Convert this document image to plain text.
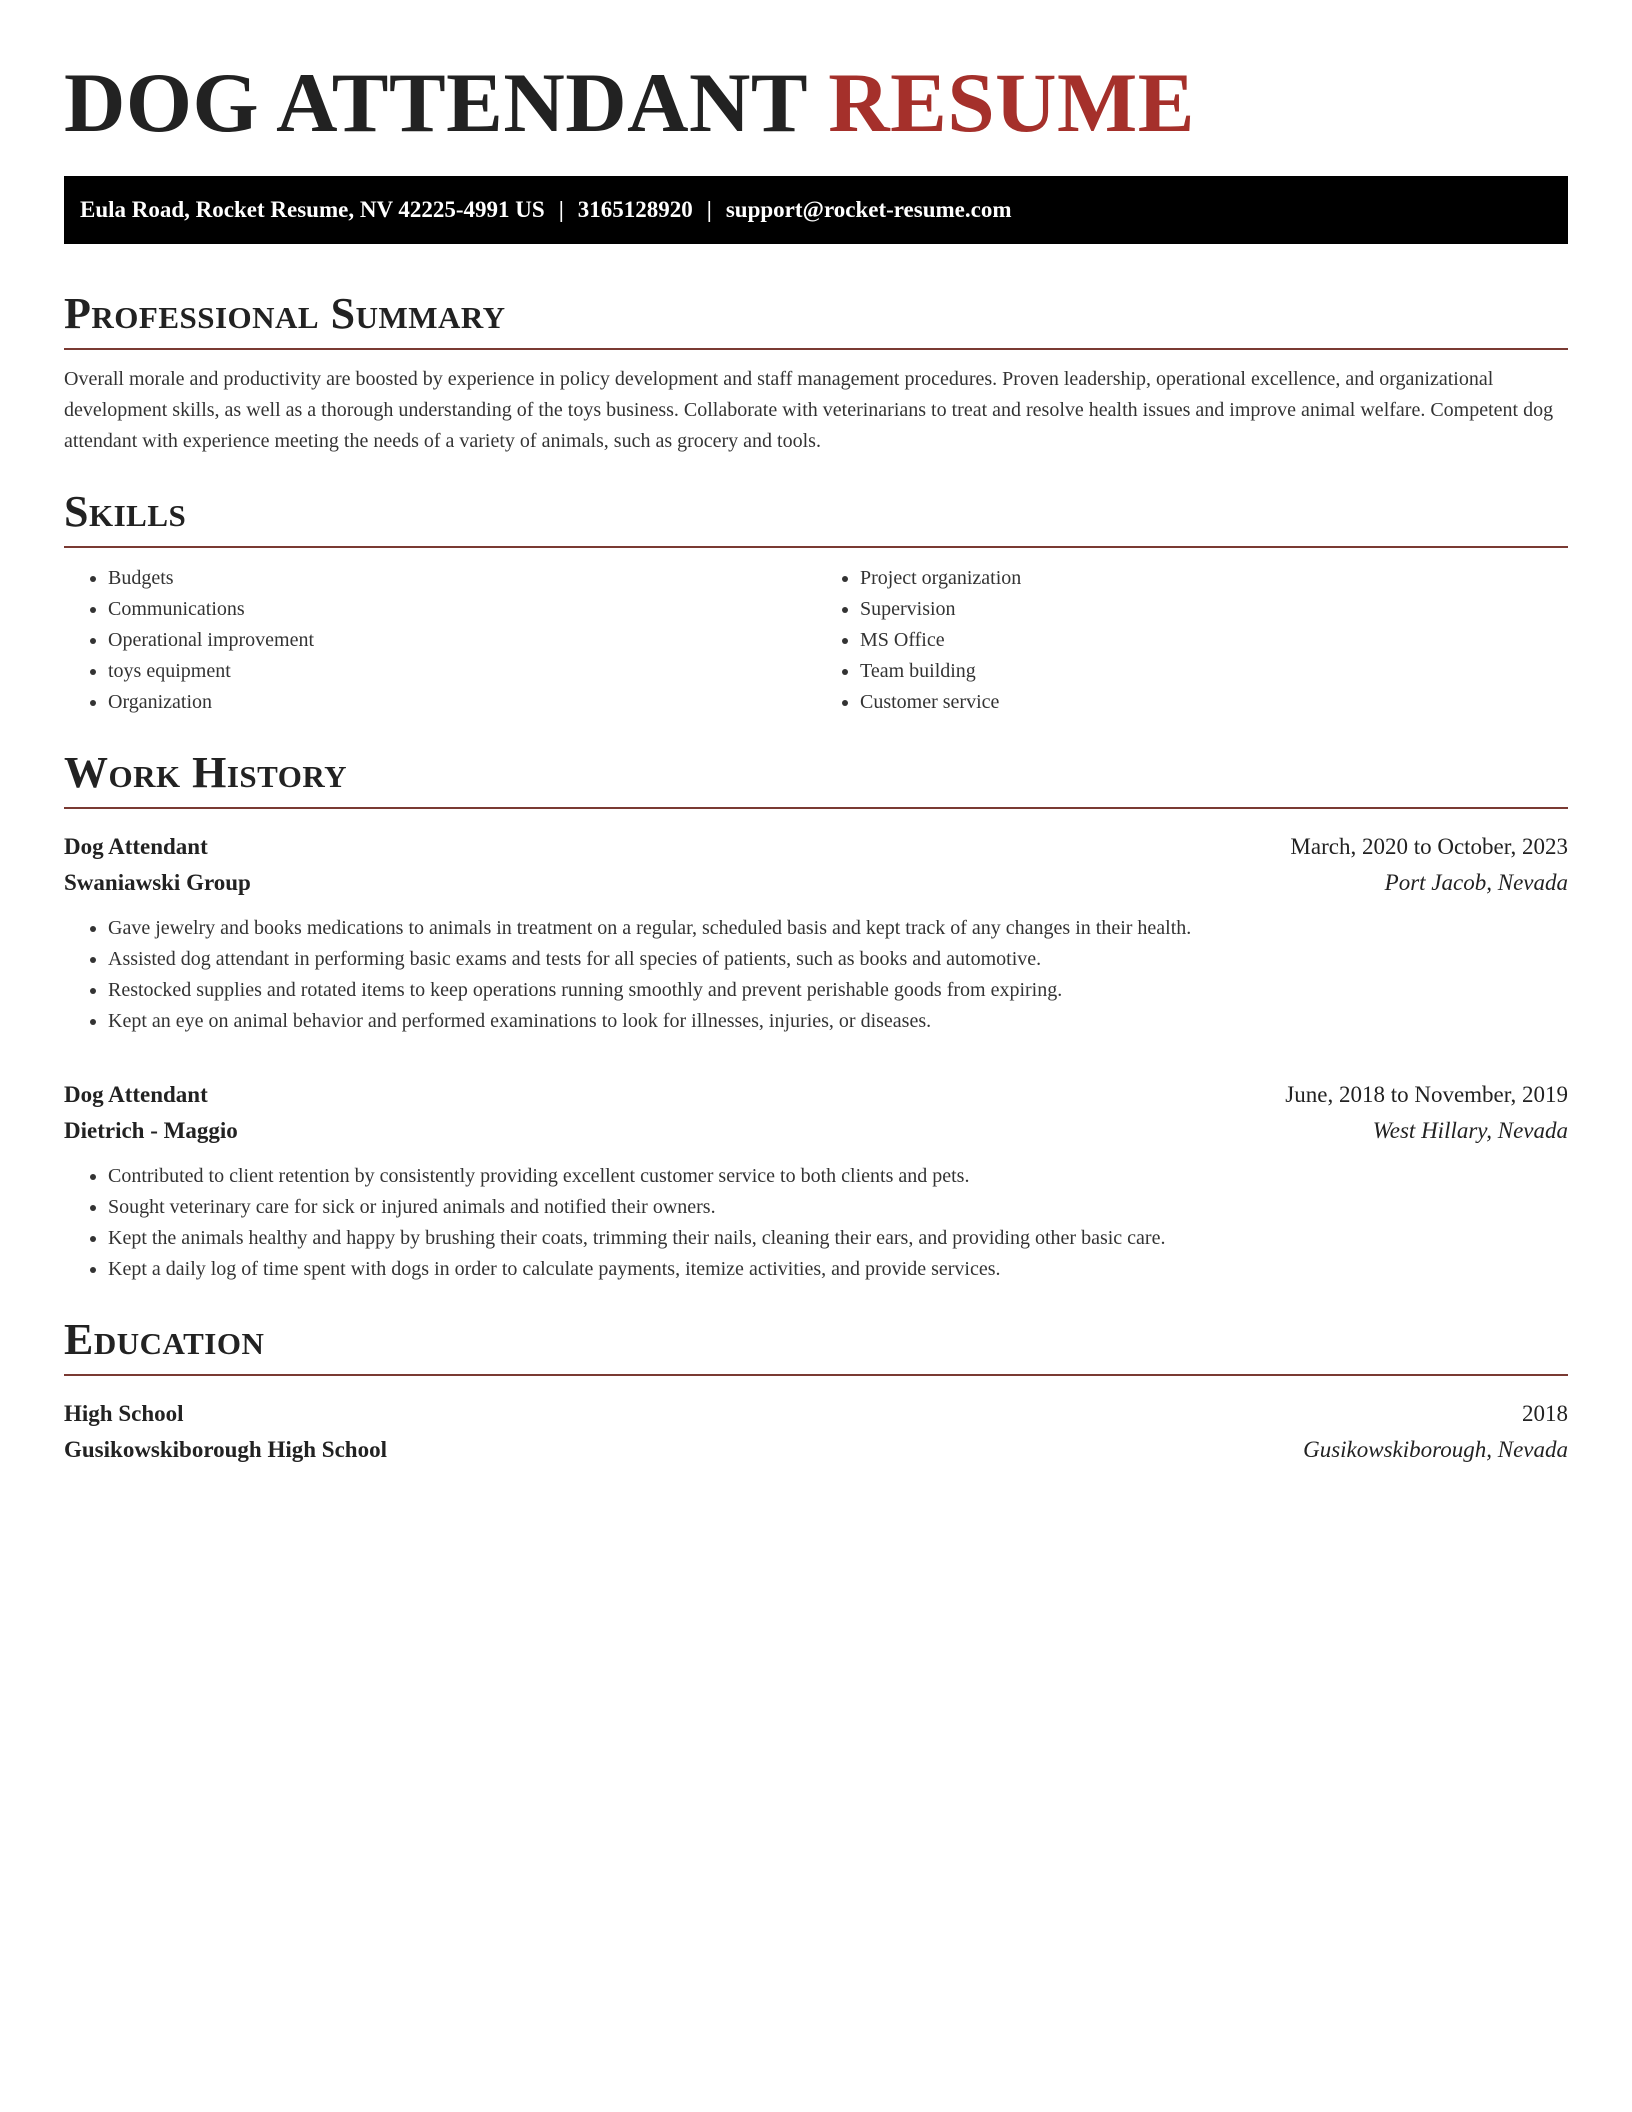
DOG ATTENDANT RESUME
Eula Road, Rocket Resume, NV 42225-4991 US | 3165128920 | support@rocket-resume.com
Professional Summary

Overall morale and productivity are boosted by experience in policy development and staff management procedures. Proven leadership, operational excellence, and organizational development skills, as well as a thorough understanding of the toys business. Collaborate with veterinarians to treat and resolve health issues and improve animal welfare. Competent dog attendant with experience meeting the needs of a variety of animals, such as grocery and tools.

Skills
• Budgets
• Communications
• Operational improvement
• toys equipment
• Organization
• Project organization
• Supervision
• MS Office
• Team building
• Customer service
Work History
Dog Attendant	March, 2020 to October, 2023
Swaniawski Group	Port Jacob, Nevada
• Gave jewelry and books medications to animals in treatment on a regular, scheduled basis and kept track of any changes in their health.
• Assisted dog attendant in performing basic exams and tests for all species of patients, such as books and automotive.
• Restocked supplies and rotated items to keep operations running smoothly and prevent perishable goods from expiring.
• Kept an eye on animal behavior and performed examinations to look for illnesses, injuries, or diseases.
Dog Attendant	June, 2018 to November, 2019
Dietrich - Maggio	West Hillary, Nevada
• Contributed to client retention by consistently providing excellent customer service to both clients and pets.
• Sought veterinary care for sick or injured animals and notified their owners.
• Kept the animals healthy and happy by brushing their coats, trimming their nails, cleaning their ears, and providing other basic care.
• Kept a daily log of time spent with dogs in order to calculate payments, itemize activities, and provide services.
Education
High School	2018
Gusikowskiborough High School	Gusikowskiborough, Nevada
